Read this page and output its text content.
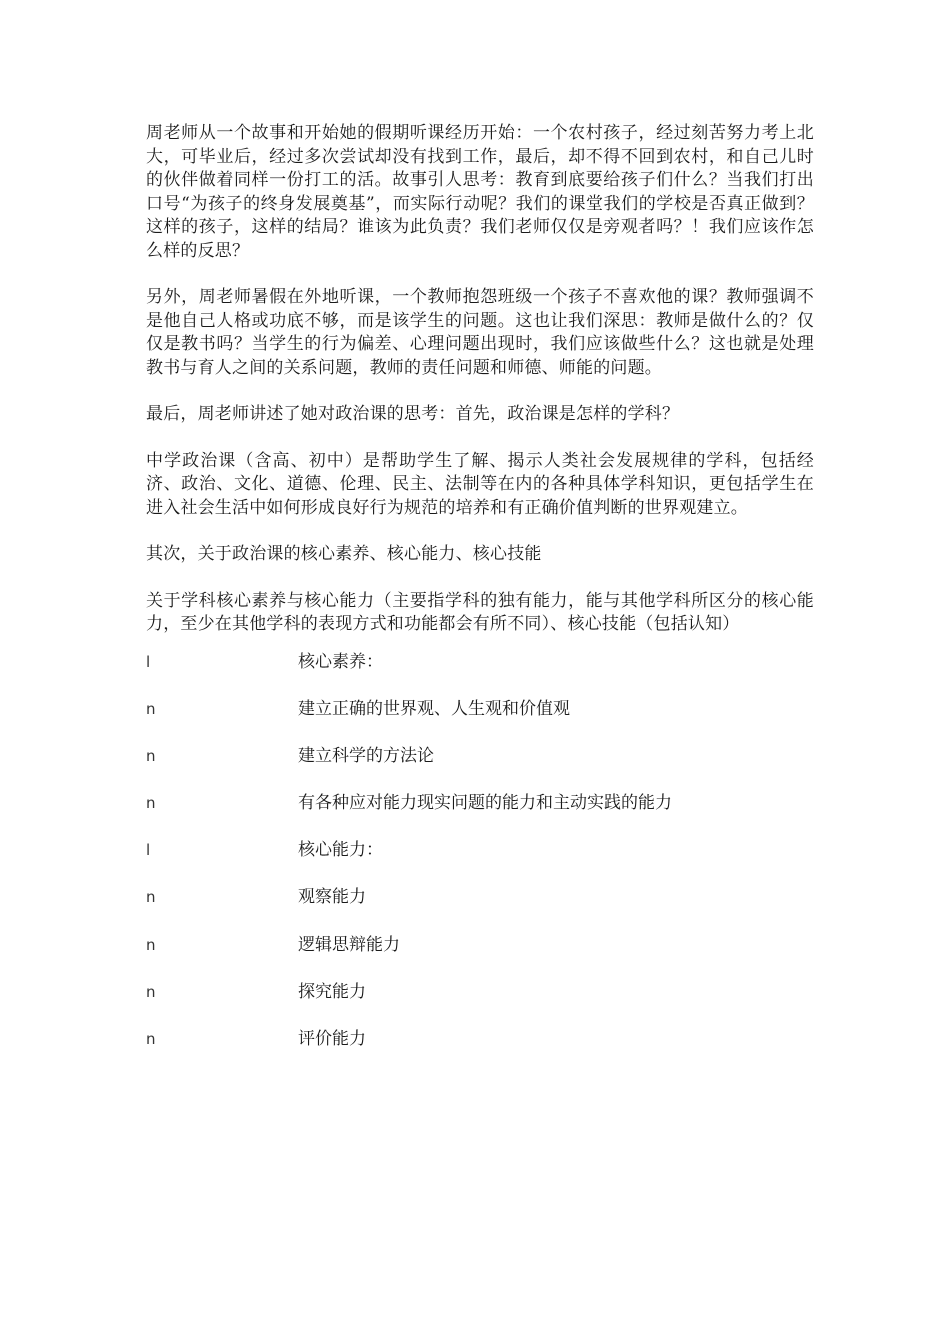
周老师从一个故事和开始她的假期听课经历开始：一个农村孩子，经过刻苦努力考上北大，可毕业后，经过多次尝试却没有找到工作，最后，却不得不回到农村，和自己儿时的伙伴做着同样一份打工的活。故事引人思考：教育到底要给孩子们什么？当我们打出口号“为孩子的终身发展奠基”，而实际行动呢？我们的课堂我们的学校是否真正做到？这样的孩子，这样的结局？谁该为此负责？我们老师仅仅是旁观者吗？！我们应该作怎么样的反思？

另外，周老师暑假在外地听课，一个教师抱怨班级一个孩子不喜欢他的课？教师强调不是他自己人格或功底不够，而是该学生的问题。这也让我们深思：教师是做什么的？仅仅是教书吗？当学生的行为偏差、心理问题出现时，我们应该做些什么？这也就是处理教书与育人之间的关系问题，教师的责任问题和师德、师能的问题。

最后，周老师讲述了她对政治课的思考：首先，政治课是怎样的学科？

中学政治课（含高、初中）是帮助学生了解、揭示人类社会发展规律的学科，包括经济、政治、文化、道德、伦理、民主、法制等在内的各种具体学科知识，更包括学生在进入社会生活中如何形成良好行为规范的培养和有正确价值判断的世界观建立。

其次，关于政治课的核心素养、核心能力、核心技能

关于学科核心素养与核心能力（主要指学科的独有能力，能与其他学科所区分的核心能力，至少在其他学科的表现方式和功能都会有所不同）、核心技能（包括认知）

l	核心素养：
n	建立正确的世界观、人生观和价值观
n	建立科学的方法论
n	有各种应对能力现实问题的能力和主动实践的能力
l	核心能力：
n	观察能力
n	逻辑思辩能力
n	探究能力
n	评价能力
